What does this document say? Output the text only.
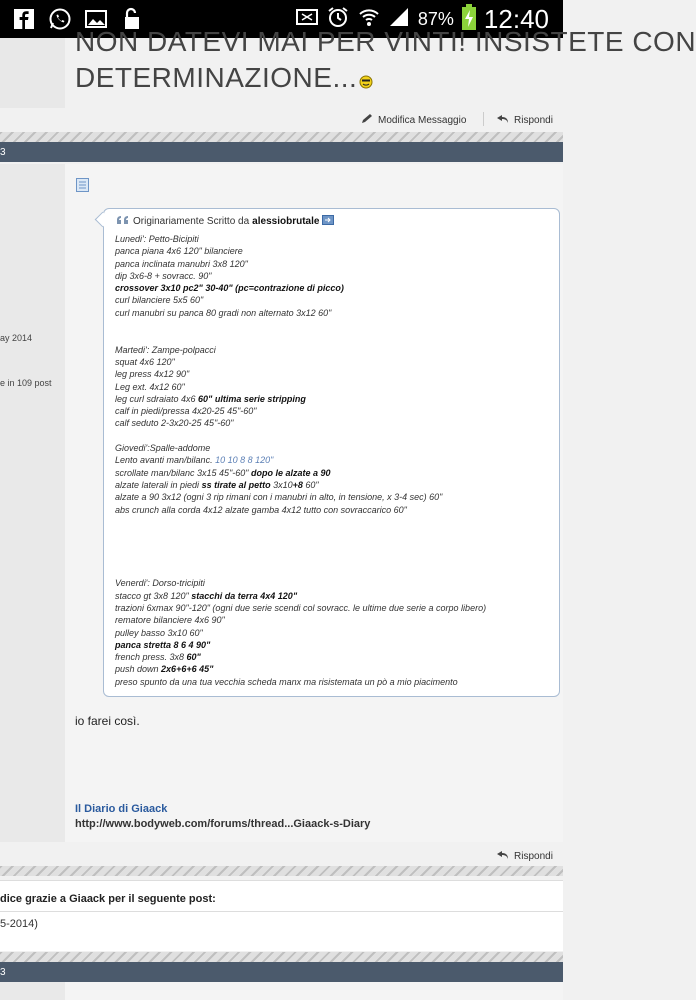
87% 12:40
NON DATEVI MAI PER VINTI! INSISTETE CON
DETERMINAZIONE...
Modifica Messaggio	Rispondi
3
ay 2014
e in 109 post
Originariamente Scritto da alessiobrutale
Lunedi': Petto-Bicipiti
panca piana 4x6 120" bilanciere
panca inclinata manubri 3x8 120"
dip 3x6-8 + sovracc. 90"
crossover 3x10 pc2" 30-40" (pc=contrazione di picco)
curl bilanciere 5x5 60"
curl manubri su panca 80 gradi non alternato 3x12 60"
Martedi': Zampe-polpacci
squat 4x6 120"
leg press 4x12 90"
Leg ext. 4x12 60"
leg curl sdraiato 4x6 60" ultima serie stripping
calf in piedi/pressa 4x20-25 45"-60"
calf seduto 2-3x20-25 45"-60"
Giovedi':Spalle-addome
Lento avanti man/bilanc. 10 10 8 8 120"
scrollate man/bilanc 3x15 45"-60" dopo le alzate a 90
alzate laterali in piedi ss tirate al petto 3x10+8 60"
alzate a 90 3x12 (ogni 3 rip rimani con i manubri in alto, in tensione, x 3-4 sec) 60"
abs crunch alla corda 4x12 alzate gamba 4x12 tutto con sovraccarico 60"
Venerdi': Dorso-tricipiti
stacco gt 3x8 120" stacchi da terra 4x4 120"
trazioni 6xmax 90"-120" (ogni due serie scendi col sovracc. le ultime due serie a corpo libero)
rematore bilanciere 4x6 90"
pulley basso 3x10 60"
panca stretta 8 6 4 90"
french press. 3x8 60"
push down 2x6+6+6 45"
preso spunto da una tua vecchia scheda manx ma risistemata un pò a mio piacimento
io farei così.
Il Diario di Giaack
http://www.bodyweb.com/forums/thread...Giaack-s-Diary
Rispondi
dice grazie a Giaack per il seguente post:
5-2014)
3
